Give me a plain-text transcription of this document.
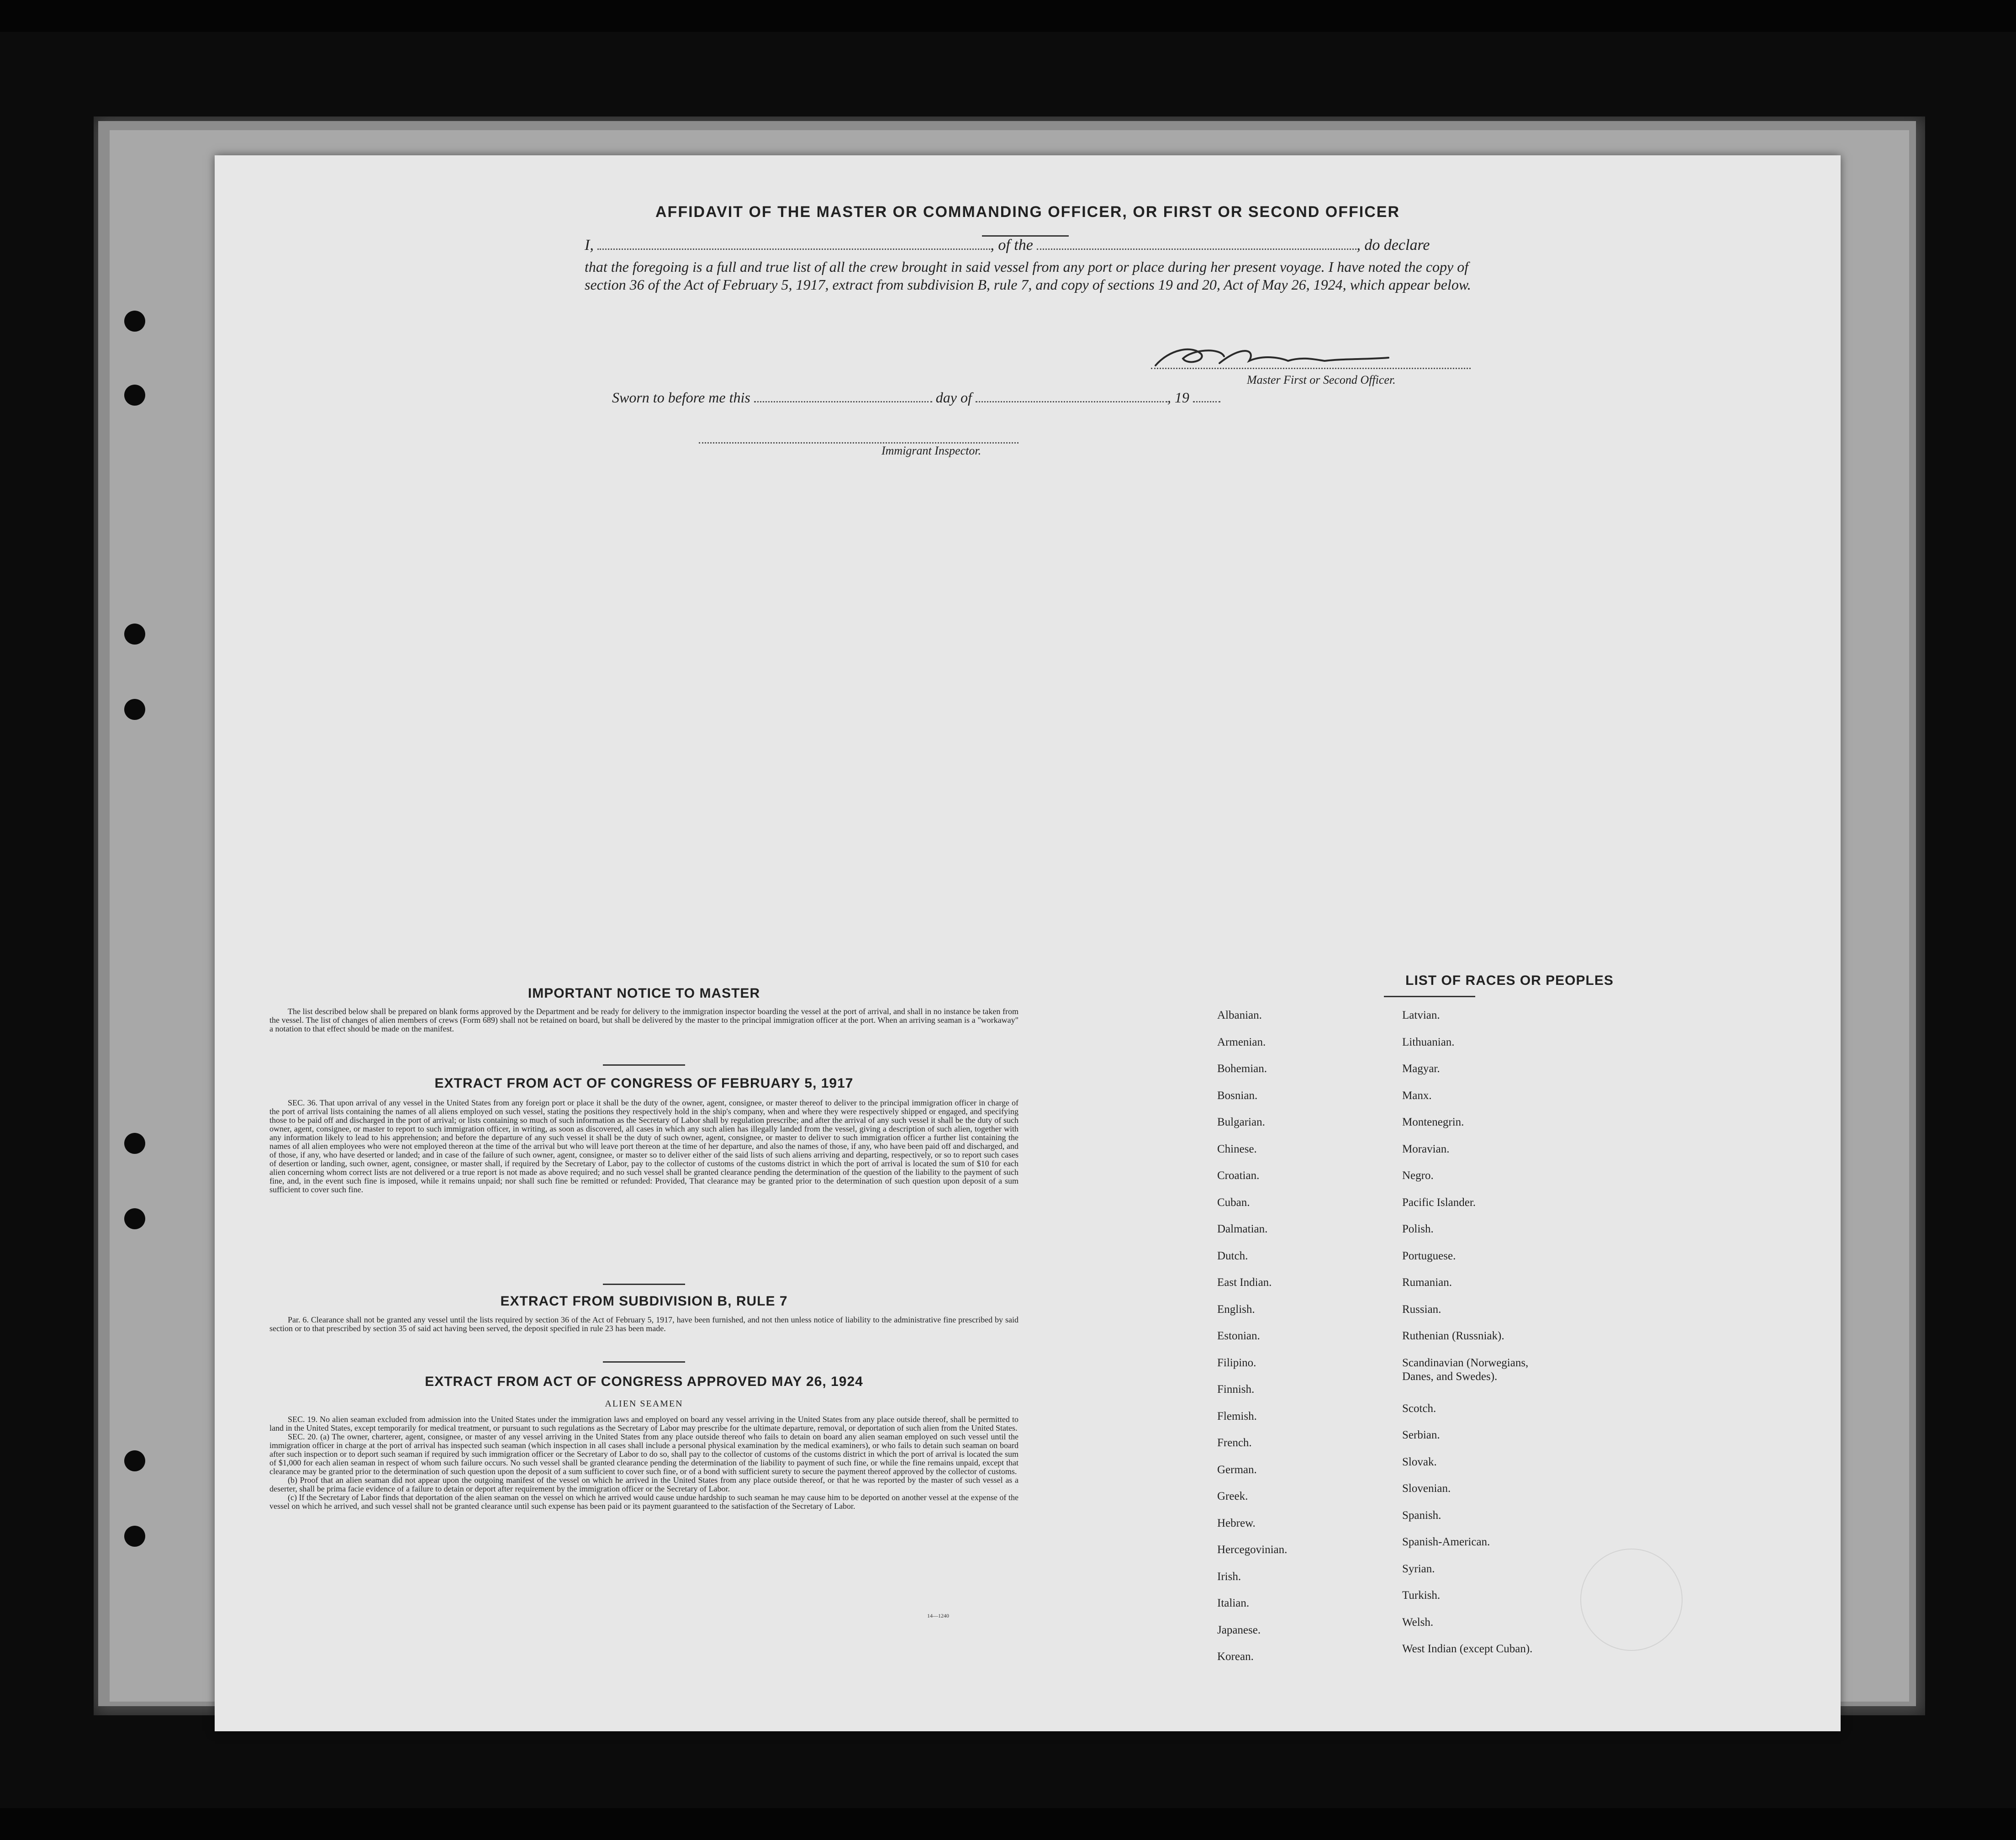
AFFIDAVIT OF THE MASTER OR COMMANDING OFFICER, OR FIRST OR SECOND OFFICER
I,	, of the	, do declare
that the foregoing is a full and true list of all the crew brought in said vessel from any port or place during her present voyage. I have noted the copy of section 36 of the Act of February 5, 1917, extract from subdivision B, rule 7, and copy of sections 19 and 20, Act of May 26, 1924, which appear below.
Master First or Second Officer.
Sworn to before me this	day of	, 19
Immigrant Inspector.
IMPORTANT NOTICE TO MASTER

The list described below shall be prepared on blank forms approved by the Department and be ready for delivery to the immigration inspector boarding the vessel at the port of arrival, and shall in no instance be taken from the vessel. The list of changes of alien members of crews (Form 689) shall not be retained on board, but shall be delivered by the master to the principal immigration officer at the port. When an arriving seaman is a "workaway" a notation to that effect should be made on the manifest.

EXTRACT FROM ACT OF CONGRESS OF FEBRUARY 5, 1917

SEC. 36. That upon arrival of any vessel in the United States from any foreign port or place it shall be the duty of the owner, agent, consignee, or master thereof to deliver to the principal immigration officer in charge of the port of arrival lists containing the names of all aliens employed on such vessel, stating the positions they respectively hold in the ship's company, when and where they were respectively shipped or engaged, and specifying those to be paid off and discharged in the port of arrival; or lists containing so much of such information as the Secretary of Labor shall by regulation prescribe; and after the arrival of any such vessel it shall be the duty of such owner, agent, consignee, or master to report to such immigration officer, in writing, as soon as discovered, all cases in which any such alien has illegally landed from the vessel, giving a description of such alien, together with any information likely to lead to his apprehension; and before the departure of any such vessel it shall be the duty of such owner, agent, consignee, or master to deliver to such immigration officer a further list containing the names of all alien employees who were not employed thereon at the time of the arrival but who will leave port thereon at the time of her departure, and also the names of those, if any, who have been paid off and discharged, and of those, if any, who have deserted or landed; and in case of the failure of such owner, agent, consignee, or master so to deliver either of the said lists of such aliens arriving and departing, respectively, or so to report such cases of desertion or landing, such owner, agent, consignee, or master shall, if required by the Secretary of Labor, pay to the collector of customs of the customs district in which the port of arrival is located the sum of $10 for each alien concerning whom correct lists are not delivered or a true report is not made as above required; and no such vessel shall be granted clearance pending the determination of the question of the liability to the payment of such fine, and, in the event such fine is imposed, while it remains unpaid; nor shall such fine be remitted or refunded: Provided, That clearance may be granted prior to the determination of such question upon deposit of a sum sufficient to cover such fine.

EXTRACT FROM SUBDIVISION B, RULE 7

Par. 6. Clearance shall not be granted any vessel until the lists required by section 36 of the Act of February 5, 1917, have been furnished, and not then unless notice of liability to the administrative fine prescribed by said section or to that prescribed by section 35 of said act having been served, the deposit specified in rule 23 has been made.

EXTRACT FROM ACT OF CONGRESS APPROVED MAY 26, 1924
ALIEN SEAMEN

SEC. 19. No alien seaman excluded from admission into the United States under the immigration laws and employed on board any vessel arriving in the United States from any place outside thereof, shall be permitted to land in the United States, except temporarily for medical treatment, or pursuant to such regulations as the Secretary of Labor may prescribe for the ultimate departure, removal, or deportation of such alien from the United States.

SEC. 20. (a) The owner, charterer, agent, consignee, or master of any vessel arriving in the United States from any place outside thereof who fails to detain on board any alien seaman employed on such vessel until the immigration officer in charge at the port of arrival has inspected such seaman (which inspection in all cases shall include a personal physical examination by the medical examiners), or who fails to detain such seaman on board after such inspection or to deport such seaman if required by such immigration officer or the Secretary of Labor to do so, shall pay to the collector of customs of the customs district in which the port of arrival is located the sum of $1,000 for each alien seaman in respect of whom such failure occurs. No such vessel shall be granted clearance pending the determination of the liability to payment of such fine, or while the fine remains unpaid, except that clearance may be granted prior to the determination of such question upon the deposit of a sum sufficient to cover such fine, or of a bond with sufficient surety to secure the payment thereof approved by the collector of customs.

(b) Proof that an alien seaman did not appear upon the outgoing manifest of the vessel on which he arrived in the United States from any place outside thereof, or that he was reported by the master of such vessel as a deserter, shall be prima facie evidence of a failure to detain or deport after requirement by the immigration officer or the Secretary of Labor.

(c) If the Secretary of Labor finds that deportation of the alien seaman on the vessel on which he arrived would cause undue hardship to such seaman he may cause him to be deported on another vessel at the expense of the vessel on which he arrived, and such vessel shall not be granted clearance until such expense has been paid or its payment guaranteed to the satisfaction of the Secretary of Labor.

14—1240
LIST OF RACES OR PEOPLES
Albanian.
Armenian.
Bohemian.
Bosnian.
Bulgarian.
Chinese.
Croatian.
Cuban.
Dalmatian.
Dutch.
East Indian.
English.
Estonian.
Filipino.
Finnish.
Flemish.
French.
German.
Greek.
Hebrew.
Hercegovinian.
Irish.
Italian.
Japanese.
Korean.
Latvian.
Lithuanian.
Magyar.
Manx.
Montenegrin.
Moravian.
Negro.
Pacific Islander.
Polish.
Portuguese.
Rumanian.
Russian.
Ruthenian (Russniak).
Scandinavian (Norwegians,
Danes, and Swedes).
Scotch.
Serbian.
Slovak.
Slovenian.
Spanish.
Spanish-American.
Syrian.
Turkish.
Welsh.
West Indian (except Cuban).
